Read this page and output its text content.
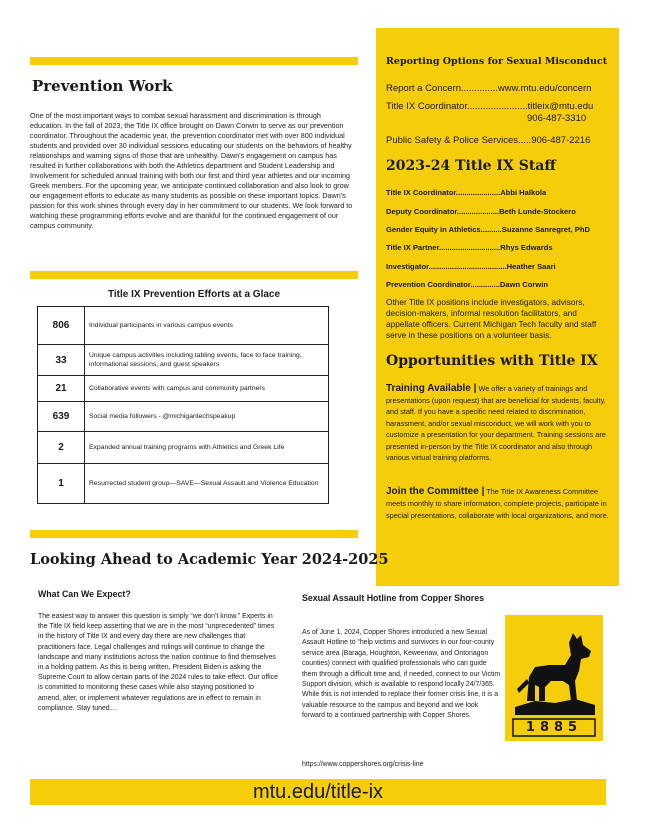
Prevention Work
One of the most important ways to combat sexual harassment and discrimination is through education. In the fall of 2023, the Title IX office brought on Dawn Corwin to serve as our prevention coordinator. Throughout the academic year, the prevention coordinator met with over 800 individual students and provided over 30 individual sessions educating our students on the behaviors of healthy relationships and warning signs of those that are unhealthy. Dawn's engagement on campus has resulted in further collaborations with both the Athletics department and Student Leadership and Involvement for scheduled annual training with both our first and third year athletes and our incoming Greek members. For the upcoming year, we anticipate continued collaboration and also look to grow our engagement efforts to educate as many students as possible on these important topics. Dawn's passion for this work shines through every day in her commitment to our students. We look forward to watching these programming efforts evolve and are thankful for the continued engagement of our campus community.
Title IX Prevention Efforts at a Glace
806	Individual participants in various campus events
33	Unique campus activities including tabling events, face to face training, informational sessions, and guest speakers
21	Collaborative events with campus and community partners
639	Social media followers - @michigantechspeakup
2	Expanded annual training programs with Athletics and Greek Life
1	Resurrected student group—SAVE—Sexual Assault and Violence Education
Reporting Options for Sexual Misconduct
Report a Concern..............www.mtu.edu/concern
Title IX Coordinator.......................titleix@mtu.edu
906-487-3310
Public Safety & Police Services.....906-487-2216
2023-24 Title IX Staff
Title IX Coordinator.....................Abbi Halkola
Deputy Coordinator....................Beth Lunde-Stockero
Gender Equity in Athletics..........Suzanne Sanregret, PhD
Title IX Partner.............................Rhys Edwards
Investigator.....................................Heather Saari
Prevention Coordinator..............Dawn Corwin
Other Title IX positions include investigators, advisors, decision-makers, informal resolution facilitators, and appellate officers. Current Michigan Tech faculty and staff serve in these positions on a volunteer basis.
Opportunities with Title IX
Training Available | We offer a variety of trainings and presentations (upon request) that are beneficial for students, faculty, and staff. If you have a specific need related to discrimination, harassment, and/or sexual misconduct, we will work with you to customize a presentation for your department. Training sessions are presented in-person by the Title IX coordinator and also through various virtual training platforms.
Join the Committee | The Title IX Awareness Committee meets monthly to share information, complete projects, participate in special presentations, collaborate with local organizations, and more.
Looking Ahead to Academic Year 2024-2025
What Can We Expect?
The easiest way to answer this question is simply “we don’t know.” Experts in the Title IX field keep asserting that we are in the most “unprecedented” times in the history of Title IX and every day there are new challenges that practitioners face. Legal challenges and rulings will continue to change the landscape and many institutions across the nation continue to find themselves in a holding pattern. As this is being written, President Biden is asking the Supreme Court to allow certain parts of the 2024 rules to take effect. Our office is committed to monitoring these cases while also staying positioned to amend, alter, or implement whatever regulations are in effect to remain in compliance. Stay tuned…
Sexual Assault Hotline from Copper Shores
As of June 1, 2024, Copper Shores introduced a new Sexual Assault Hotline to “help victims and survivors in our four-county service area (Baraga, Houghton, Keweenaw, and Ontonagon counties) connect with qualified professionals who can guide them through a difficult time and, if needed, connect to our Victim Support division, which is available to respond locally 24/7/365. While this is not intended to replace their former crisis line, it is a valuable resource to the campus and beyond and we look forward to a continued partnership with Copper Shores.
https://www.coppershores.org/crisis-line
1885
mtu.edu/title-ix
